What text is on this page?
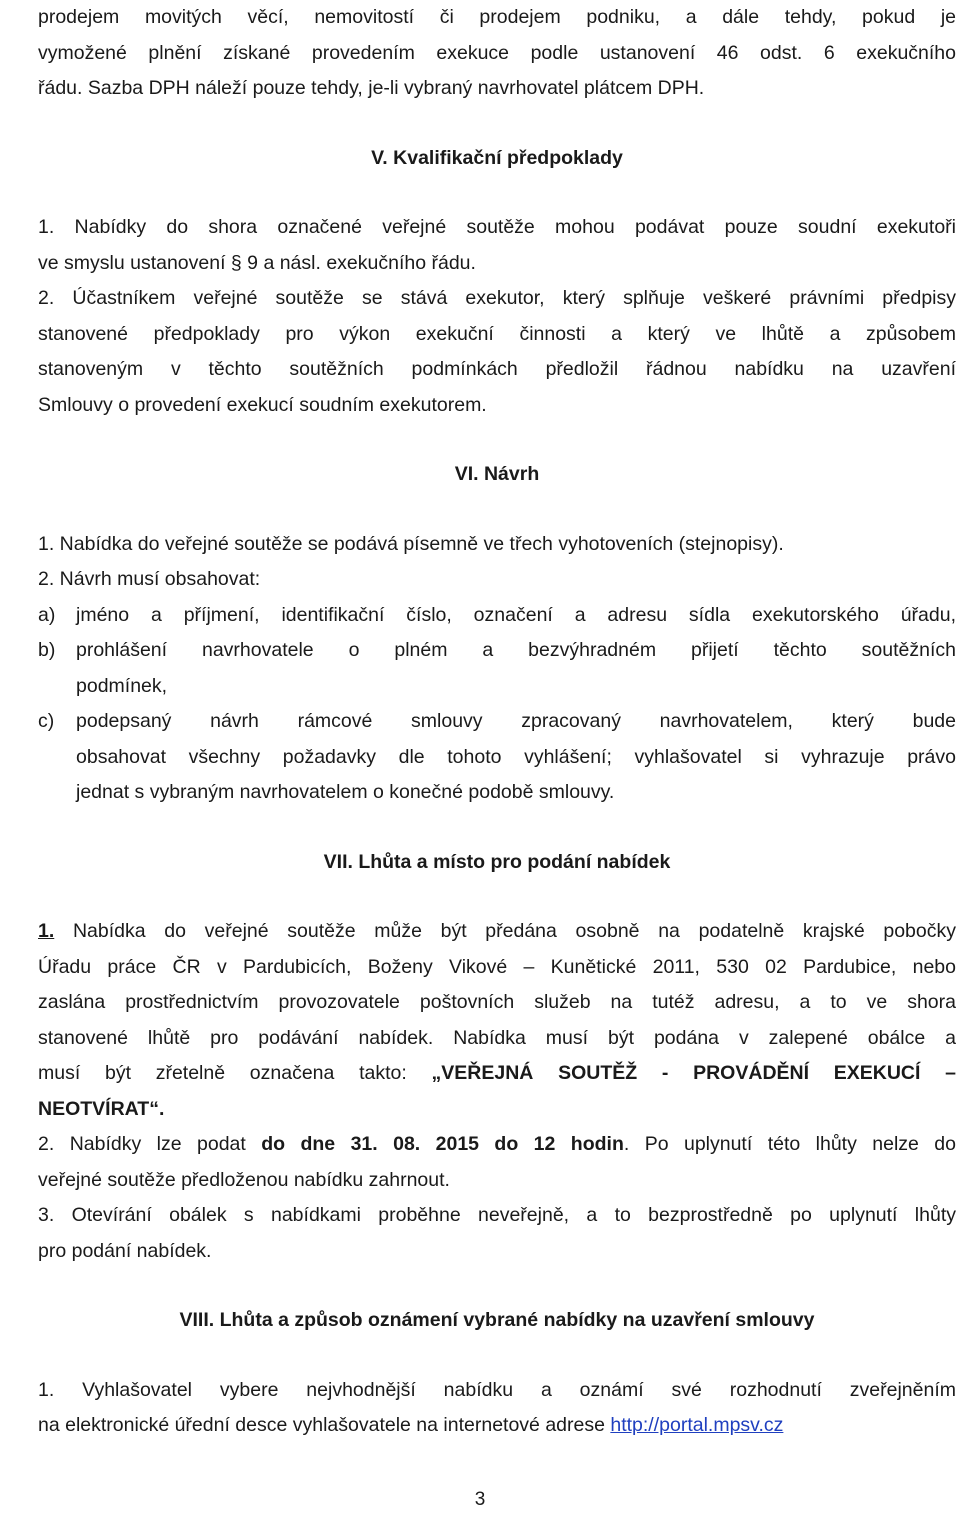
prodejem movitých věcí, nemovitostí či prodejem podniku, a dále tehdy, pokud je
vymožené plnění získané provedením exekuce podle ustanovení 46 odst. 6 exekučního
řádu. Sazba DPH náleží pouze tehdy, je-li vybraný navrhovatel plátcem DPH.
V. Kvalifikační předpoklady
1. Nabídky do shora označené veřejné soutěže mohou podávat pouze soudní exekutoři
ve smyslu ustanovení § 9 a násl. exekučního řádu.
2. Účastníkem veřejné soutěže se stává exekutor, který splňuje veškeré právními předpisy
stanovené předpoklady pro výkon exekuční činnosti a který ve lhůtě a způsobem
stanoveným v těchto soutěžních podmínkách předložil řádnou nabídku na uzavření
Smlouvy o provedení exekucí soudním exekutorem.
VI. Návrh
1. Nabídka do veřejné soutěže se podává písemně ve třech vyhotoveních (stejnopisy).
2. Návrh musí obsahovat:
a) jméno a příjmení, identifikační číslo, označení a adresu sídla exekutorského úřadu,
b) prohlášení navrhovatele o plném a bezvýhradném přijetí těchto soutěžních
podmínek,
c) podepsaný návrh rámcové smlouvy zpracovaný navrhovatelem, který bude
obsahovat všechny požadavky dle tohoto vyhlášení; vyhlašovatel si vyhrazuje právo
jednat s vybraným navrhovatelem o konečné podobě smlouvy.
VII. Lhůta a místo pro podání nabídek
1. Nabídka do veřejné soutěže může být předána osobně na podatelně krajské pobočky
Úřadu práce ČR v Pardubicích, Boženy Vikové – Kunětické 2011, 530 02 Pardubice, nebo
zaslána prostřednictvím provozovatele poštovních služeb na tutéž adresu, a to ve shora
stanovené lhůtě pro podávání nabídek. Nabídka musí být podána v zalepené obálce a
musí být zřetelně označena takto: „VEŘEJNÁ SOUTĚŽ - PROVÁDĚNÍ EXEKUCÍ –
NEOTVÍRAT“.
2. Nabídky lze podat do dne 31. 08. 2015 do 12 hodin. Po uplynutí této lhůty nelze do
veřejné soutěže předloženou nabídku zahrnout.
3. Otevírání obálek s nabídkami proběhne neveřejně, a to bezprostředně po uplynutí lhůty
pro podání nabídek.
VIII. Lhůta a způsob oznámení vybrané nabídky na uzavření smlouvy
1. Vyhlašovatel vybere nejvhodnější nabídku a oznámí své rozhodnutí zveřejněním
na elektronické úřední desce vyhlašovatele na internetové adrese http://portal.mpsv.cz
3
